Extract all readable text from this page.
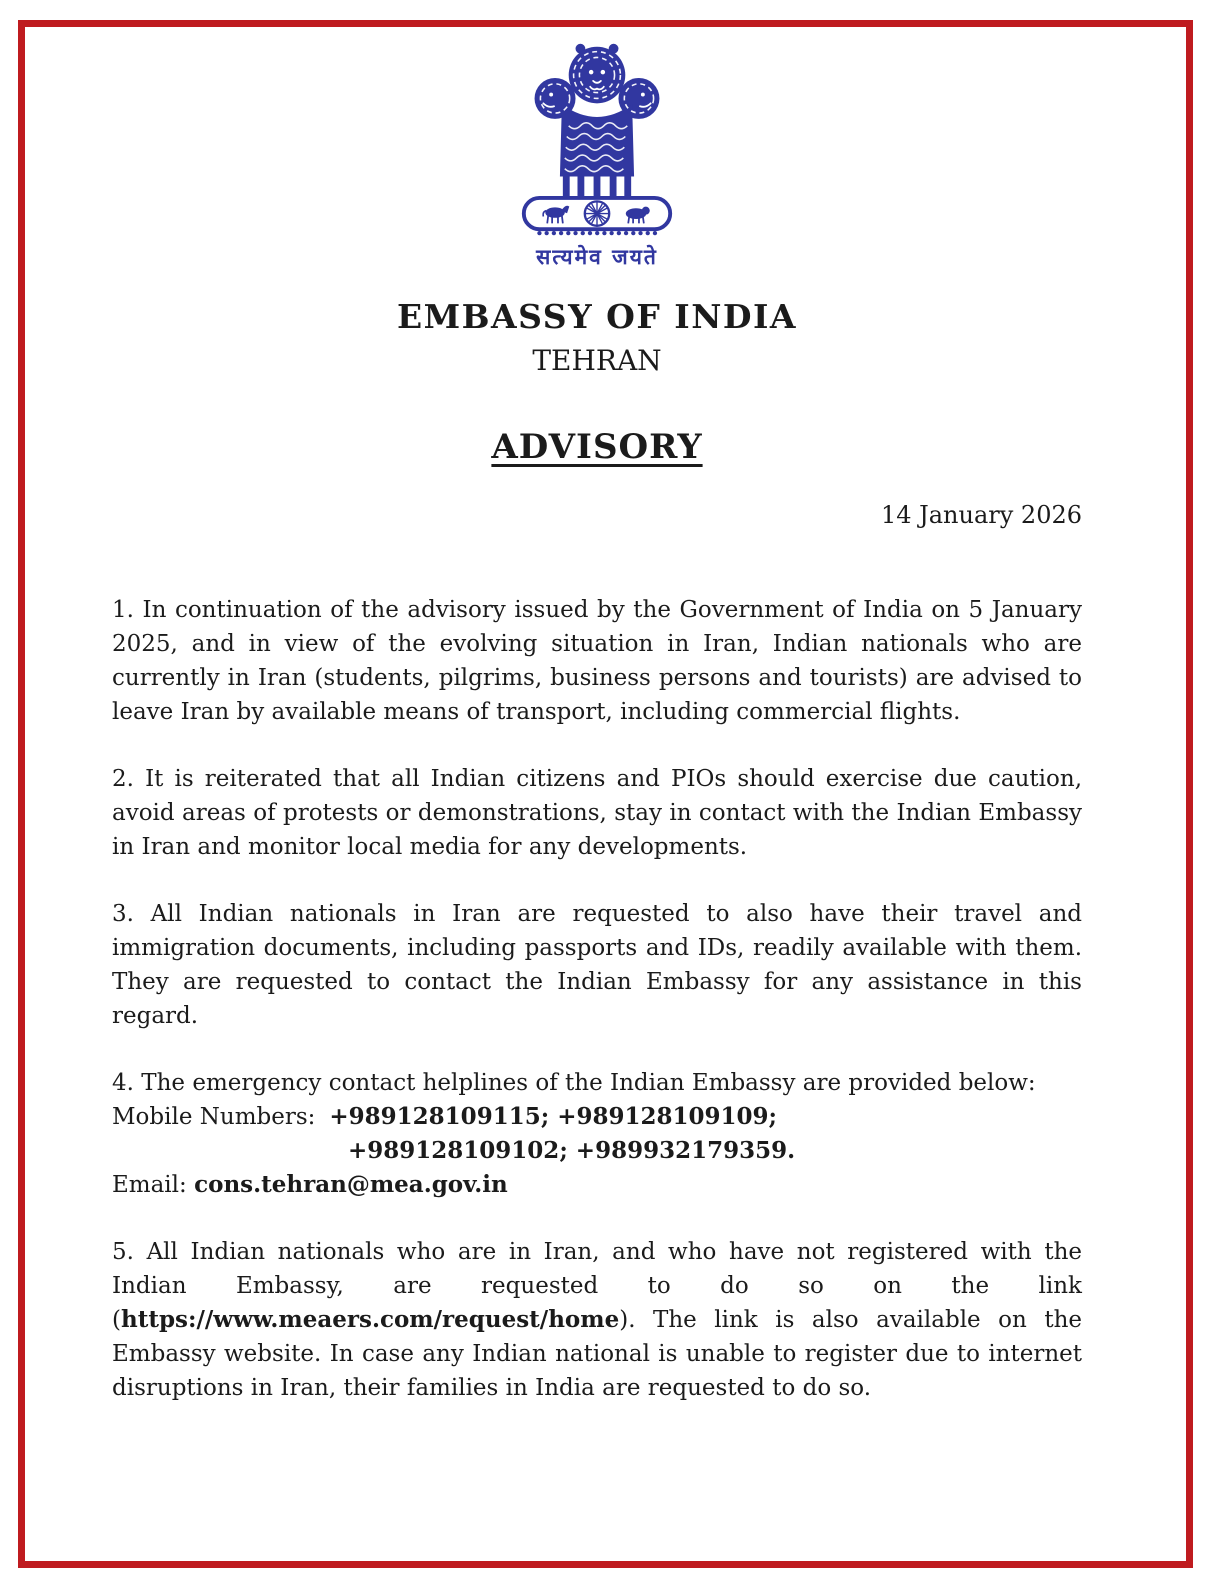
सत्यमेव जयते
EMBASSY OF INDIA
TEHRAN
ADVISORY
14 January 2026
1. In continuation of the advisory issued by the Government of India on 5 January 2025, and in view of the evolving situation in Iran, Indian nationals who are currently in Iran (students, pilgrims, business persons and tourists) are advised to leave Iran by available means of transport, including commercial flights.
2. It is reiterated that all Indian citizens and PIOs should exercise due caution, avoid areas of protests or demonstrations, stay in contact with the Indian Embassy in Iran and monitor local media for any developments.
3. All Indian nationals in Iran are requested to also have their travel and immigration documents, including passports and IDs, readily available with them. They are requested to contact the Indian Embassy for any assistance in this regard.
4. The emergency contact helplines of the Indian Embassy are provided below:
Mobile Numbers: +989128109115; +989128109109;
+989128109102; +989932179359.
Email: cons.tehran@mea.gov.in
5. All Indian nationals who are in Iran, and who have not registered with the Indian Embassy, are requested to do so on the link (https://www.meaers.com/request/home). The link is also available on the Embassy website. In case any Indian national is unable to register due to internet disruptions in Iran, their families in India are requested to do so.
